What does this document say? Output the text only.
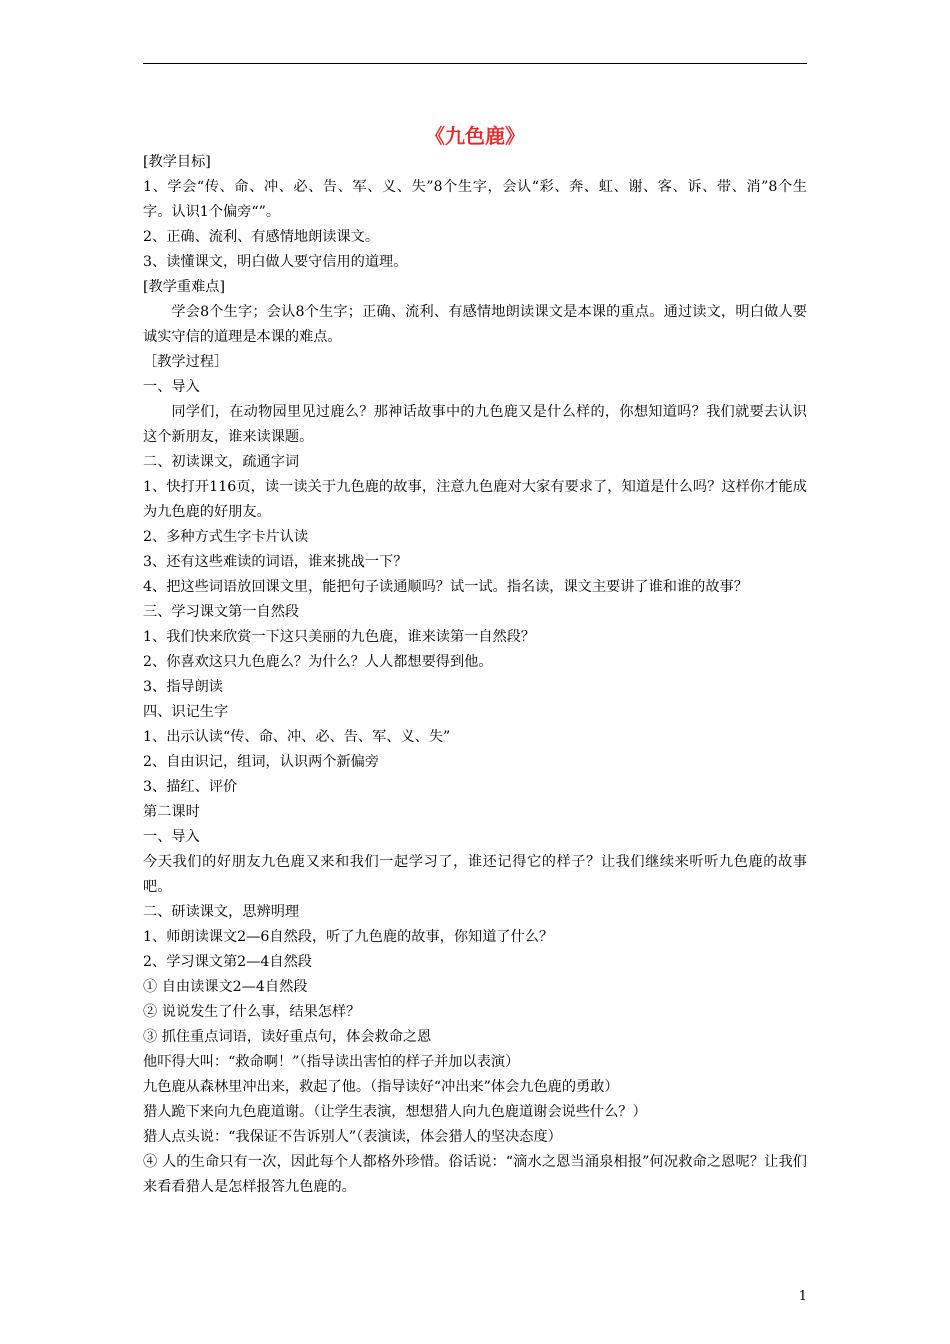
《九色鹿》

[教学目标]

1、学会“传、命、冲、必、告、军、义、失”8个生字，会认“彩、奔、虹、谢、客、诉、带、消”8个生字。认识1个偏旁“”。

2、正确、流利、有感情地朗读课文。

3、读懂课文，明白做人要守信用的道理。

[教学重难点]

学会8个生字；会认8个生字；正确、流利、有感情地朗读课文是本课的重点。通过读文，明白做人要诚实守信的道理是本课的难点。

［教学过程］

一、导入

同学们，在动物园里见过鹿么？那神话故事中的九色鹿又是什么样的，你想知道吗？我们就要去认识这个新朋友，谁来读课题。

二、初读课文，疏通字词

1、快打开116页，读一读关于九色鹿的故事，注意九色鹿对大家有要求了，知道是什么吗？这样你才能成为九色鹿的好朋友。

2、多种方式生字卡片认读

3、还有这些难读的词语，谁来挑战一下？

4、把这些词语放回课文里，能把句子读通顺吗？试一试。指名读，课文主要讲了谁和谁的故事？

三、学习课文第一自然段

1、我们快来欣赏一下这只美丽的九色鹿，谁来读第一自然段？

2、你喜欢这只九色鹿么？为什么？人人都想要得到他。

3、指导朗读

四、识记生字

1、出示认读“传、命、冲、必、告、军、义、失”

2、自由识记，组词，认识两个新偏旁

3、描红、评价

第二课时

一、导入

今天我们的好朋友九色鹿又来和我们一起学习了，谁还记得它的样子？让我们继续来听听九色鹿的故事吧。

二、研读课文，思辨明理

1、师朗读课文2—6自然段，听了九色鹿的故事，你知道了什么？

2、学习课文第2—4自然段

① 自由读课文2—4自然段

② 说说发生了什么事，结果怎样？

③ 抓住重点词语，读好重点句，体会救命之恩

他吓得大叫：“救命啊！”（指导读出害怕的样子并加以表演）

九色鹿从森林里冲出来，救起了他。（指导读好“冲出来”体会九色鹿的勇敢）

猎人跪下来向九色鹿道谢。（让学生表演，想想猎人向九色鹿道谢会说些什么？）

猎人点头说：“我保证不告诉别人”（表演读，体会猎人的坚决态度）

④ 人的生命只有一次，因此每个人都格外珍惜。俗话说：“滴水之恩当涌泉相报”何况救命之恩呢？让我们来看看猎人是怎样报答九色鹿的。

1
